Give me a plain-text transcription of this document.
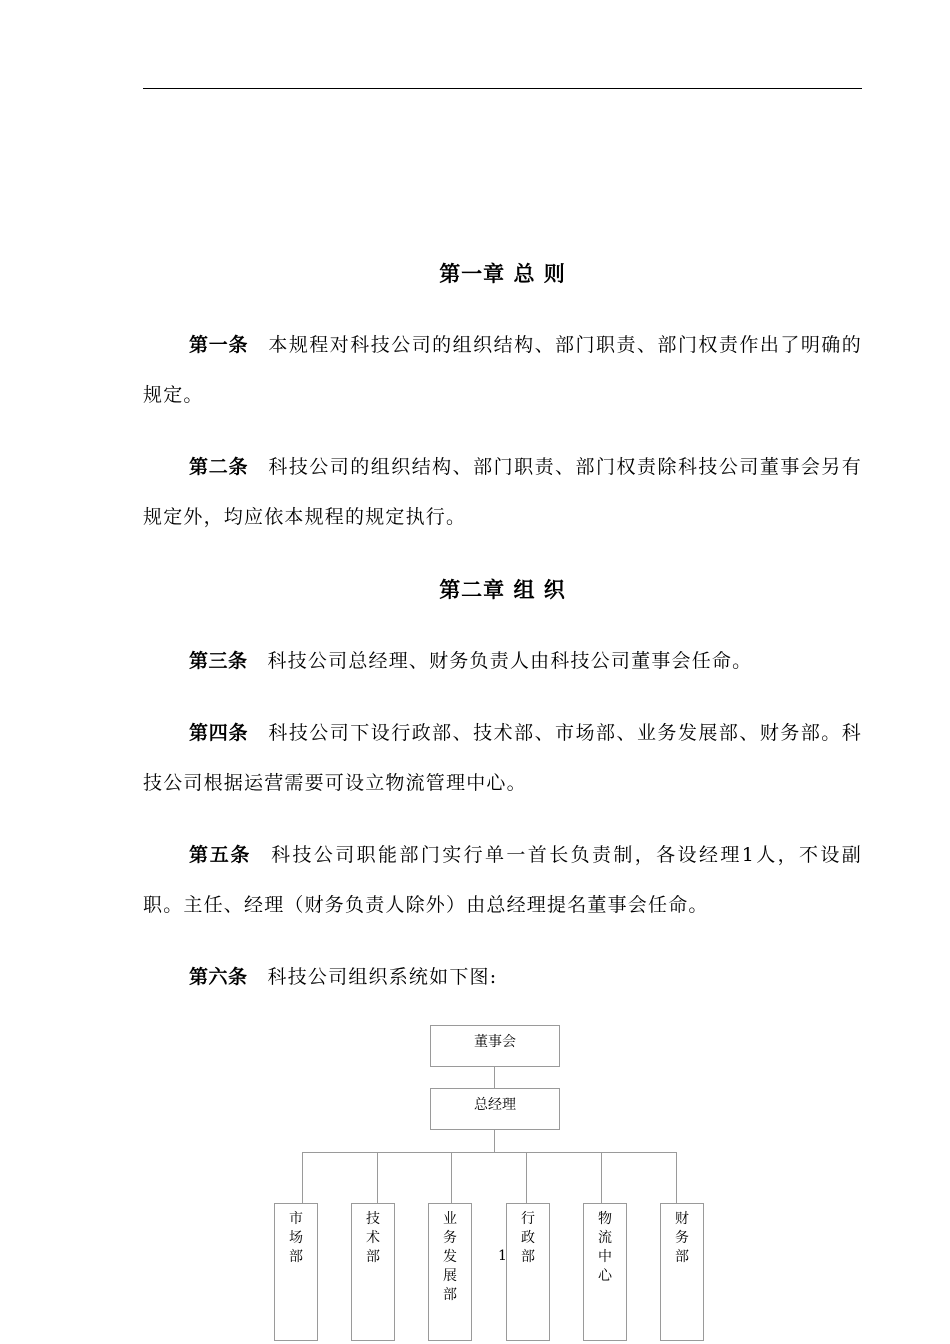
第一章 总 则

第一条 本规程对科技公司的组织结构、部门职责、部门权责作出了明确的规定。

第二条 科技公司的组织结构、部门职责、部门权责除科技公司董事会另有规定外，均应依本规程的规定执行。

第二章 组 织

第三条 科技公司总经理、财务负责人由科技公司董事会任命。

第四条 科技公司下设行政部、技术部、市场部、业务发展部、财务部。科技公司根据运营需要可设立物流管理中心。

第五条 科技公司职能部门实行单一首长负责制，各设经理1人，不设副职。主任、经理（财务负责人除外）由总经理提名董事会任命。

第六条 科技公司组织系统如下图:

董事会
总经理
市场部
技术部
业务发展部
行政部
物流中心
财务部
1
